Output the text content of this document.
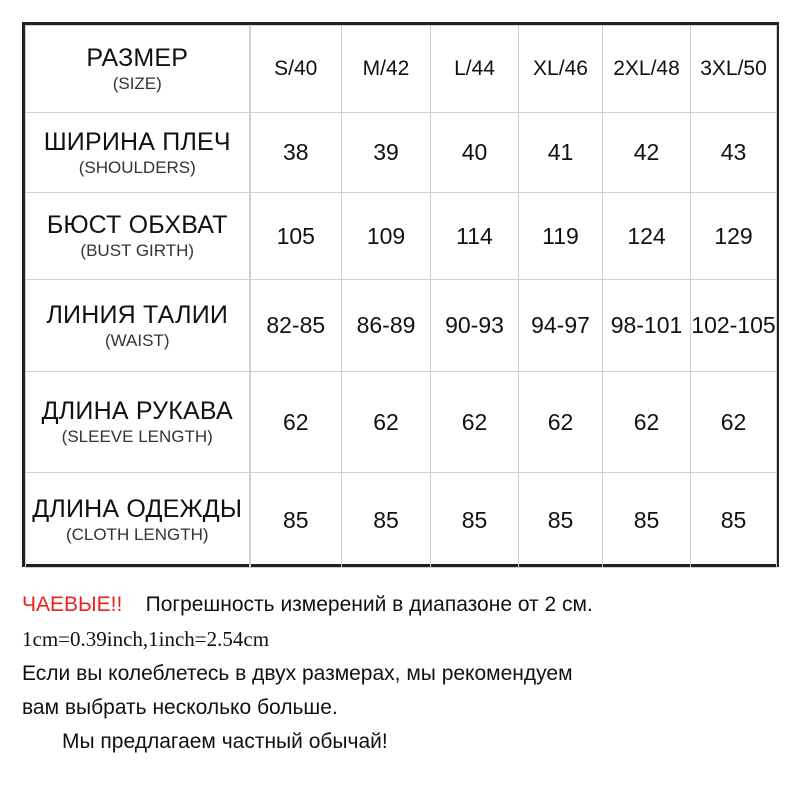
РАЗМЕР
(SIZE)	S/40	M/42	L/44	XL/46	2XL/48	3XL/50

ШИРИНА ПЛЕЧ
(SHOULDERS)	38	39	40	41	42	43

БЮСТ ОБХВАТ
(BUST GIRTH)	105	109	114	119	124	129

ЛИНИЯ ТАЛИИ
(WAIST)	82-85	86-89	90-93	94-97	98-101	102-105

ДЛИНА РУКАВА
(SLEEVE LENGTH)	62	62	62	62	62	62

ДЛИНА ОДЕЖДЫ
(CLOTH LENGTH)	85	85	85	85	85	85
ЧАЕВЫЕ!! Погрешность измерений в диапазоне от 2 см.
1cm=0.39inch,1inch=2.54cm
Если вы колеблетесь в двух размерах, мы рекомендуем
вам выбрать несколько больше.
Мы предлагаем частный обычай!
